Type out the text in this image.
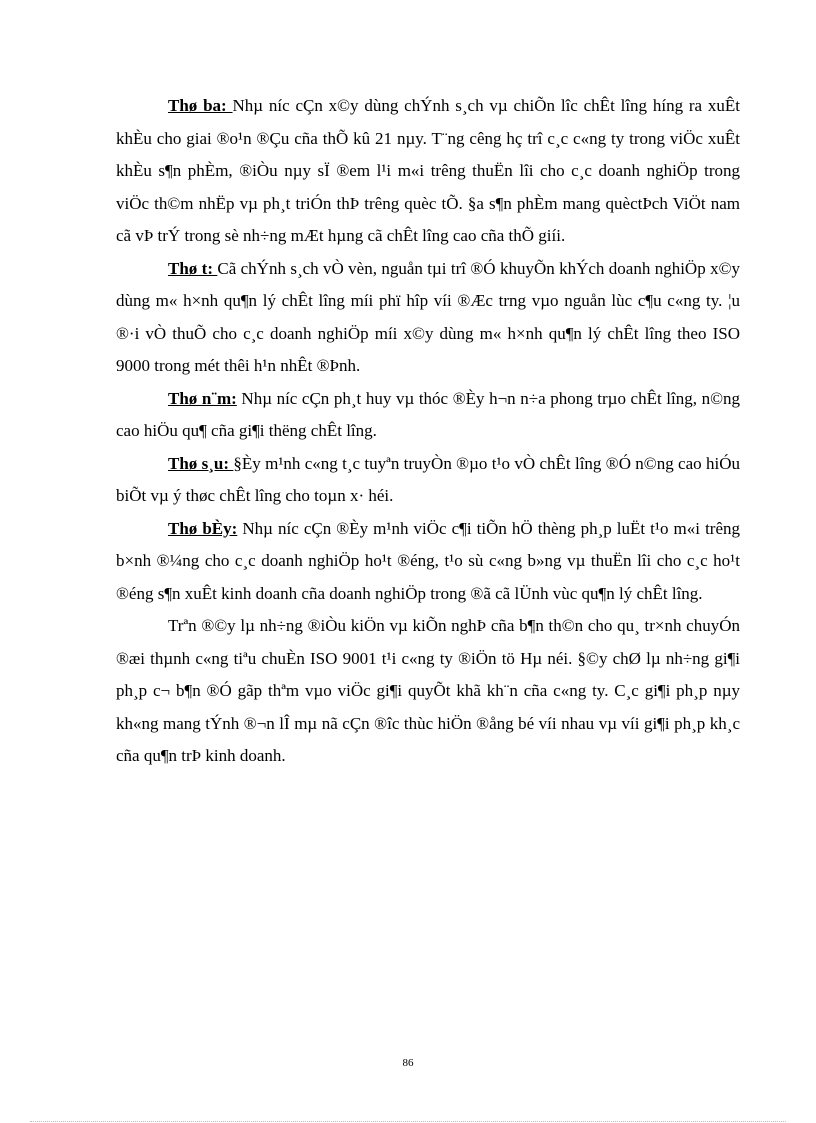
Thø ba: Nhµ níc cÇn x©y dùng chÝnh s¸ch vµ chiÕn lîc chÊt lîng híng ra xuÊt khÈu cho giai ®o¹n ®Çu cña thÕ kû 21 nµy. T¨ng cêng hç trî c¸c c«ng ty trong viÖc xuÊt khÈu s¶n phÈm, ®iÒu nµy sÏ ®em l¹i m«i trêng thuËn lîi cho c¸c doanh nghiÖp trong viÖc th©m nhËp vµ ph¸t triÓn thÞ trêng quèc tÕ. §a s¶n phÈm mang quèctÞch ViÖt nam cã vÞ trÝ trong sè nh÷ng mÆt hµng cã chÊt lîng cao cña thÕ giíi.

Thø t: Cã chÝnh s¸ch vÒ vèn, nguån tµi trî ®Ó khuyÕn khÝch doanh nghiÖp x©y dùng m« h×nh qu¶n lý chÊt lîng míi phï hîp víi ®Æc trng vµo nguån lùc c¶u c«ng ty. ¦u ®·i vÒ thuÕ cho c¸c doanh nghiÖp míi x©y dùng m« h×nh qu¶n lý chÊt lîng theo ISO 9000 trong mét thêi h¹n nhÊt ®Þnh.

Thø n¨m: Nhµ níc cÇn ph¸t huy vµ thóc ®Èy h¬n n÷a phong trµo chÊt lîng, n©ng cao hiÖu qu¶ cña gi¶i thëng chÊt lîng.

Thø s¸u: §Èy m¹nh c«ng t¸c tuyªn truyÒn ®µo t¹o vÒ chÊt lîng ®Ó n©ng cao hiÓu biÕt vµ ý thøc chÊt lîng cho toµn x· héi.

Thø bÈy: Nhµ níc cÇn ®Èy m¹nh viÖc c¶i tiÕn hÖ thèng ph¸p luËt t¹o m«i trêng b×nh ®¼ng cho c¸c doanh nghiÖp ho¹t ®éng, t¹o sù c«ng b»ng vµ thuËn lîi cho c¸c ho¹t ®éng s¶n xuÊt kinh doanh cña doanh nghiÖp trong ®ã cã lÜnh vùc qu¶n lý chÊt lîng.

Trªn ®©y lµ nh÷ng ®iÒu kiÖn vµ kiÕn nghÞ cña b¶n th©n cho qu¸ tr×nh chuyÓn ®æi thµnh c«ng tiªu chuÈn ISO 9001 t¹i c«ng ty ®iÖn tö Hµ néi. §©y chØ lµ nh÷ng gi¶i ph¸p c¬ b¶n ®Ó gãp thªm vµo viÖc gi¶i quyÕt khã kh¨n cña c«ng ty. C¸c gi¶i ph¸p nµy kh«ng mang tÝnh ®¬n lÎ mµ nã cÇn ®îc thùc hiÖn ®ång bé víi nhau vµ víi gi¶i ph¸p kh¸c cña qu¶n trÞ kinh doanh.

86
